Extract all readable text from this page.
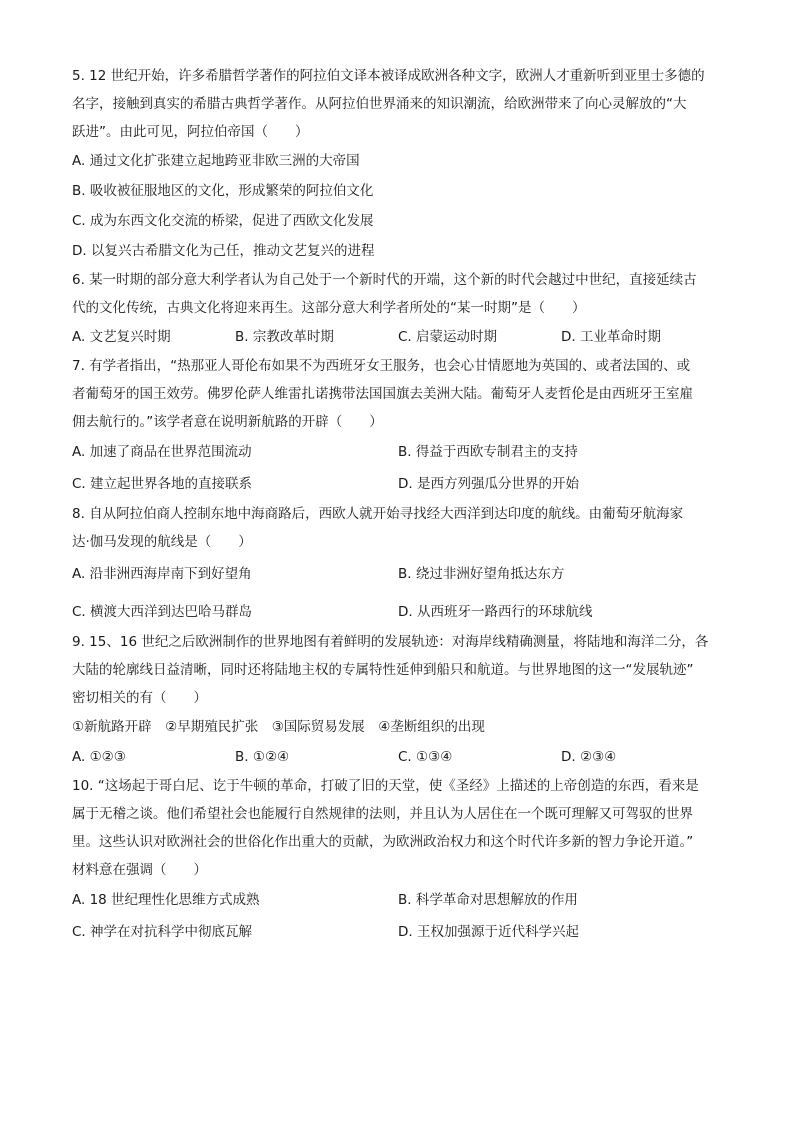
5. 12 世纪开始，许多希腊哲学著作的阿拉伯文译本被译成欧洲各种文字，欧洲人才重新听到亚里士多德的
名字，接触到真实的希腊古典哲学著作。从阿拉伯世界涌来的知识潮流，给欧洲带来了向心灵解放的“大
跃进”。由此可见，阿拉伯帝国（　　）
A. 通过文化扩张建立起地跨亚非欧三洲的大帝国
B. 吸收被征服地区的文化，形成繁荣的阿拉伯文化
C. 成为东西文化交流的桥梁，促进了西欧文化发展
D. 以复兴古希腊文化为己任，推动文艺复兴的进程
6. 某一时期的部分意大利学者认为自己处于一个新时代的开端，这个新的时代会越过中世纪，直接延续古
代的文化传统，古典文化将迎来再生。这部分意大利学者所处的“某一时期”是（　　）
A. 文艺复兴时期	B. 宗教改革时期	C. 启蒙运动时期	D. 工业革命时期
7. 有学者指出，“热那亚人哥伦布如果不为西班牙女王服务，也会心甘情愿地为英国的、或者法国的、或
者葡萄牙的国王效劳。佛罗伦萨人维雷扎诺携带法国国旗去美洲大陆。葡萄牙人麦哲伦是由西班牙王室雇
佣去航行的。”该学者意在说明新航路的开辟（　　）
A. 加速了商品在世界范围流动	B. 得益于西欧专制君主的支持
C. 建立起世界各地的直接联系	D. 是西方列强瓜分世界的开始
8. 自从阿拉伯商人控制东地中海商路后，西欧人就开始寻找经大西洋到达印度的航线。由葡萄牙航海家
达·伽马发现的航线是（　　）
A. 沿非洲西海岸南下到好望角	B. 绕过非洲好望角抵达东方
C. 横渡大西洋到达巴哈马群岛	D. 从西班牙一路西行的环球航线
9. 15、16 世纪之后欧洲制作的世界地图有着鲜明的发展轨迹：对海岸线精确测量，将陆地和海洋二分，各
大陆的轮廓线日益清晰，同时还将陆地主权的专属特性延伸到船只和航道。与世界地图的这一“发展轨迹”
密切相关的有（　　）
①新航路开辟　②早期殖民扩张　③国际贸易发展　④垄断组织的出现
A. ①②③	B. ①②④	C. ①③④	D. ②③④
10. “这场起于哥白尼、讫于牛顿的革命，打破了旧的天堂，使《圣经》上描述的上帝创造的东西，看来是
属于无稽之谈。他们希望社会也能履行自然规律的法则，并且认为人居住在一个既可理解又可驾驭的世界
里。这些认识对欧洲社会的世俗化作出重大的贡献，为欧洲政治权力和这个时代许多新的智力争论开道。”
材料意在强调（　　）
A. 18 世纪理性化思维方式成熟	B. 科学革命对思想解放的作用
C. 神学在对抗科学中彻底瓦解	D. 王权加强源于近代科学兴起
